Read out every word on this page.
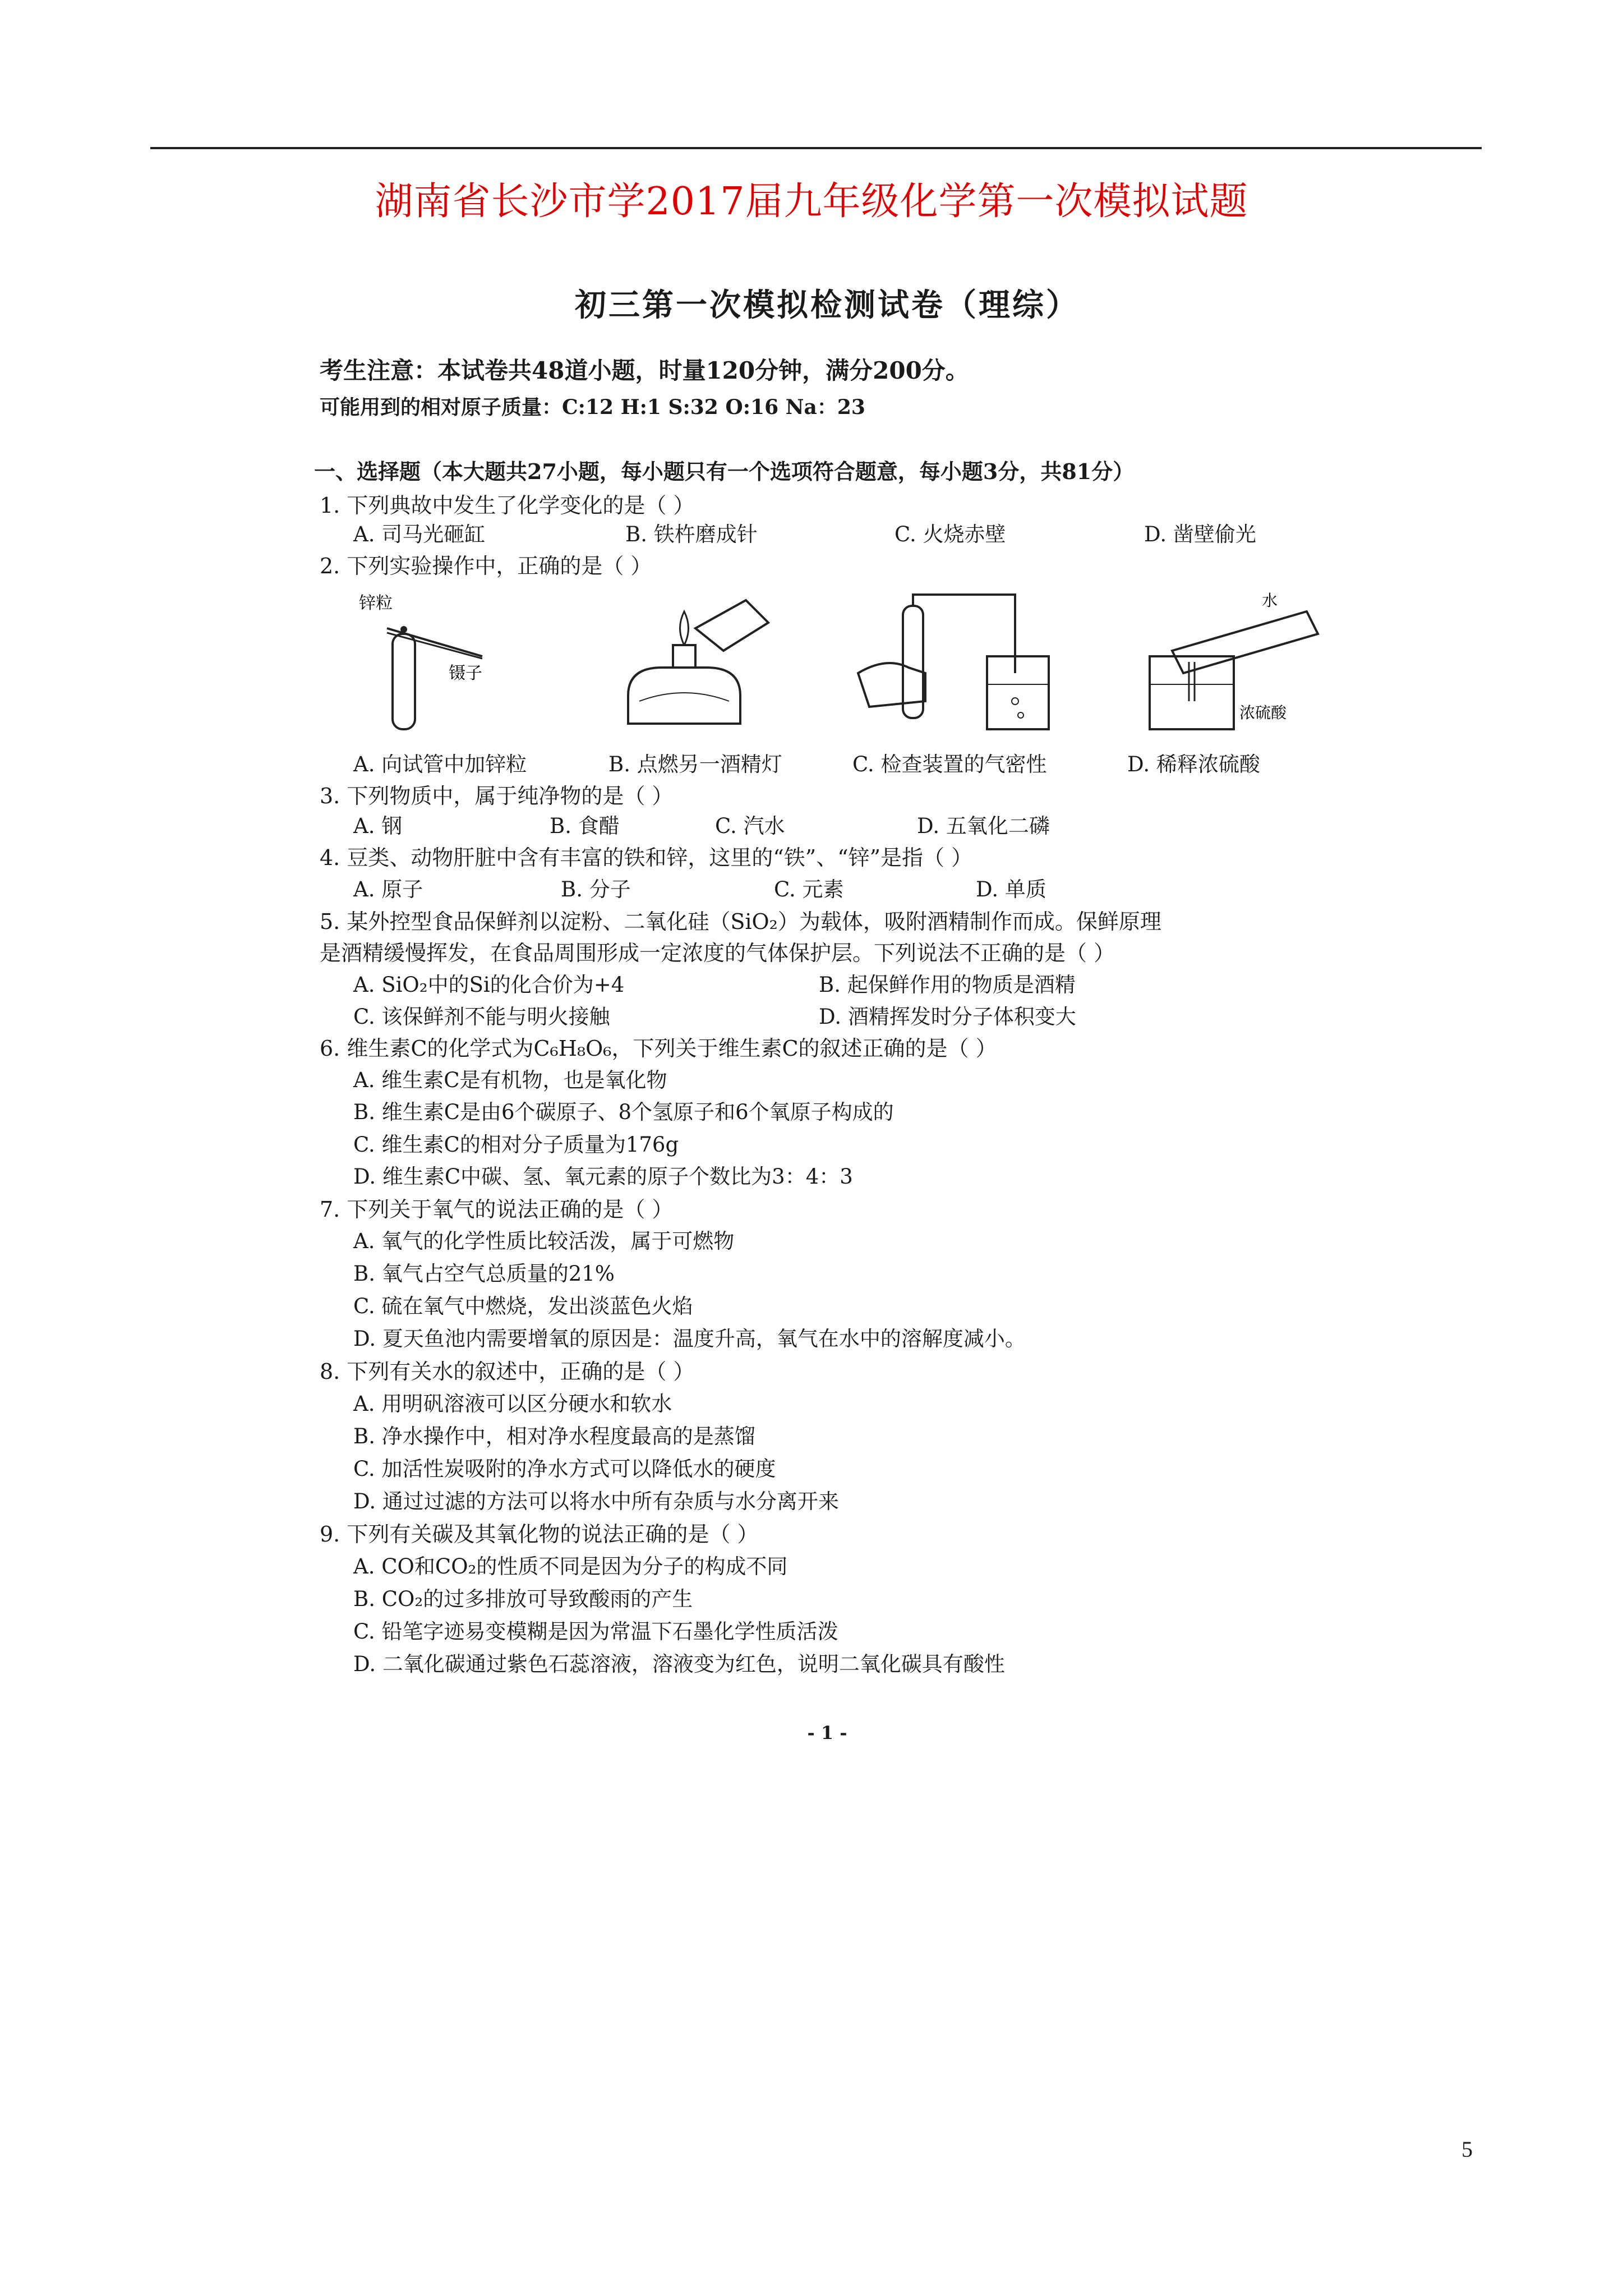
湖南省长沙市学2017届九年级化学第一次模拟试题
初三第一次模拟检测试卷（理综）
考生注意：本试卷共48道小题，时量120分钟，满分200分。
可能用到的相对原子质量：C:12 H:1 S:32 O:16 Na：23
一、选择题（本大题共27小题，每小题只有一个选项符合题意，每小题3分，共81分）
1. 下列典故中发生了化学变化的是（ ）
A. 司马光砸缸	B. 铁杵磨成针	C. 火烧赤壁	D. 凿壁偷光
2. 下列实验操作中，正确的是（ ）
锌粒
镊子
水
浓硫酸
A. 向试管中加锌粒	B. 点燃另一酒精灯	C. 检查装置的气密性	D. 稀释浓硫酸
3. 下列物质中，属于纯净物的是（ ）
A. 钢	B. 食醋	C. 汽水	D. 五氧化二磷
4. 豆类、动物肝脏中含有丰富的铁和锌，这里的“铁”、“锌”是指（ ）
A. 原子	B. 分子	C. 元素	D. 单质
5. 某外控型食品保鲜剂以淀粉、二氧化硅（SiO₂）为载体，吸附酒精制作而成。保鲜原理
是酒精缓慢挥发，在食品周围形成一定浓度的气体保护层。下列说法不正确的是（ ）
A. SiO₂中的Si的化合价为+4	B. 起保鲜作用的物质是酒精
C. 该保鲜剂不能与明火接触	D. 酒精挥发时分子体积变大
6. 维生素C的化学式为C₆H₈O₆，下列关于维生素C的叙述正确的是（ ）
A. 维生素C是有机物，也是氧化物
B. 维生素C是由6个碳原子、8个氢原子和6个氧原子构成的
C. 维生素C的相对分子质量为176g
D. 维生素C中碳、氢、氧元素的原子个数比为3：4：3
7. 下列关于氧气的说法正确的是（ ）
A. 氧气的化学性质比较活泼，属于可燃物
B. 氧气占空气总质量的21%
C. 硫在氧气中燃烧，发出淡蓝色火焰
D. 夏天鱼池内需要增氧的原因是：温度升高，氧气在水中的溶解度减小。
8. 下列有关水的叙述中，正确的是（ ）
A. 用明矾溶液可以区分硬水和软水
B. 净水操作中，相对净水程度最高的是蒸馏
C. 加活性炭吸附的净水方式可以降低水的硬度
D. 通过过滤的方法可以将水中所有杂质与水分离开来
9. 下列有关碳及其氧化物的说法正确的是（ ）
A. CO和CO₂的性质不同是因为分子的构成不同
B. CO₂的过多排放可导致酸雨的产生
C. 铅笔字迹易变模糊是因为常温下石墨化学性质活泼
D. 二氧化碳通过紫色石蕊溶液，溶液变为红色，说明二氧化碳具有酸性
- 1 -
5
